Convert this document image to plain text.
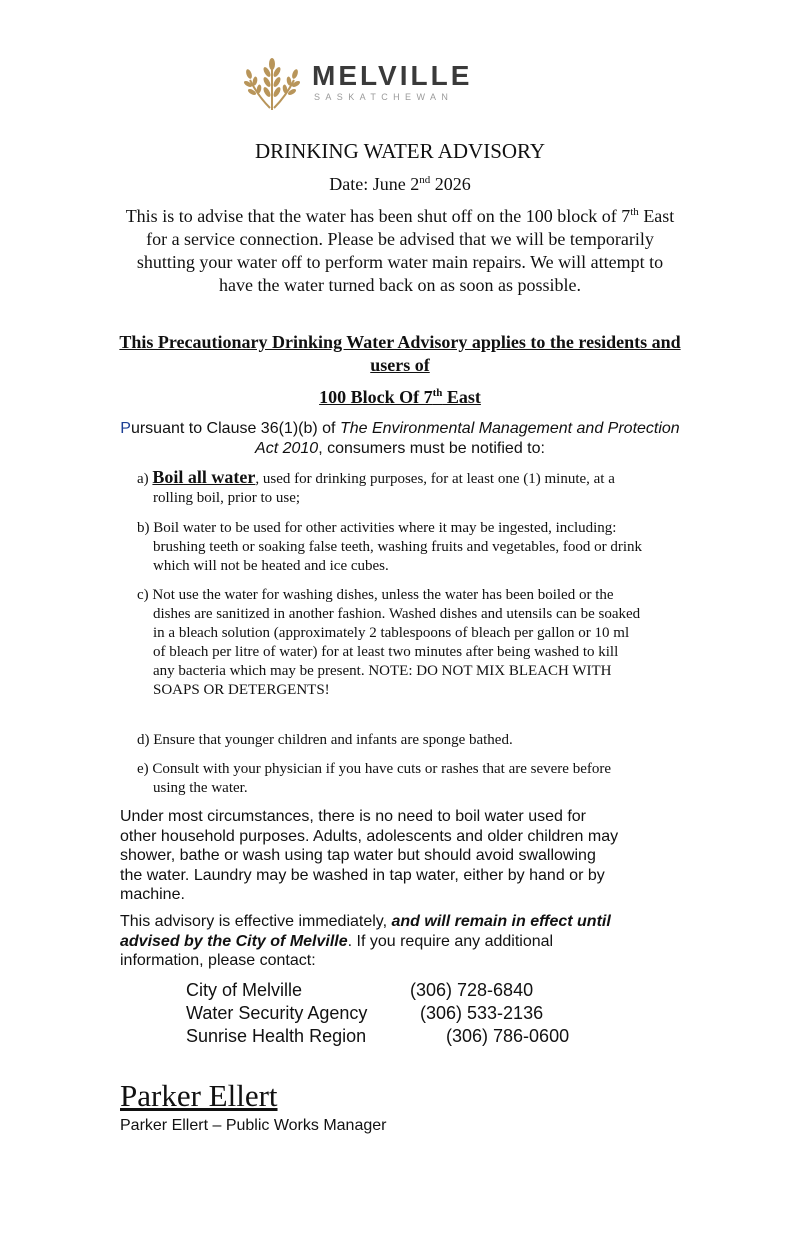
MELVILLE
SASKATCHEWAN
DRINKING WATER ADVISORY
Date: June 2nd 2026
This is to advise that the water has been shut off on the 100 block of 7th East for a service connection. Please be advised that we will be temporarily shutting your water off to perform water main repairs. We will attempt to have the water turned back on as soon as possible.
This Precautionary Drinking Water Advisory applies to the residents and users of
100 Block Of 7th East
Pursuant to Clause 36(1)(b) of The Environmental Management and Protection Act 2010, consumers must be notified to:
a) Boil all water, used for drinking purposes, for at least one (1) minute, at a rolling boil, prior to use;
b) Boil water to be used for other activities where it may be ingested, including: brushing teeth or soaking false teeth, washing fruits and vegetables, food or drink which will not be heated and ice cubes.
c) Not use the water for washing dishes, unless the water has been boiled or the dishes are sanitized in another fashion. Washed dishes and utensils can be soaked in a bleach solution (approximately 2 tablespoons of bleach per gallon or 10 ml of bleach per litre of water) for at least two minutes after being washed to kill any bacteria which may be present. NOTE: DO NOT MIX BLEACH WITH SOAPS OR DETERGENTS!
d) Ensure that younger children and infants are sponge bathed.
e) Consult with your physician if you have cuts or rashes that are severe before using the water.
Under most circumstances, there is no need to boil water used for other household purposes. Adults, adolescents and older children may shower, bathe or wash using tap water but should avoid swallowing the water. Laundry may be washed in tap water, either by hand or by machine.
This advisory is effective immediately, and will remain in effect until advised by the City of Melville. If you require any additional information, please contact:
City of Melville	(306) 728-6840
Water Security Agency	(306) 533-2136
Sunrise Health Region	(306) 786-0600
Parker Ellert
Parker Ellert – Public Works Manager
